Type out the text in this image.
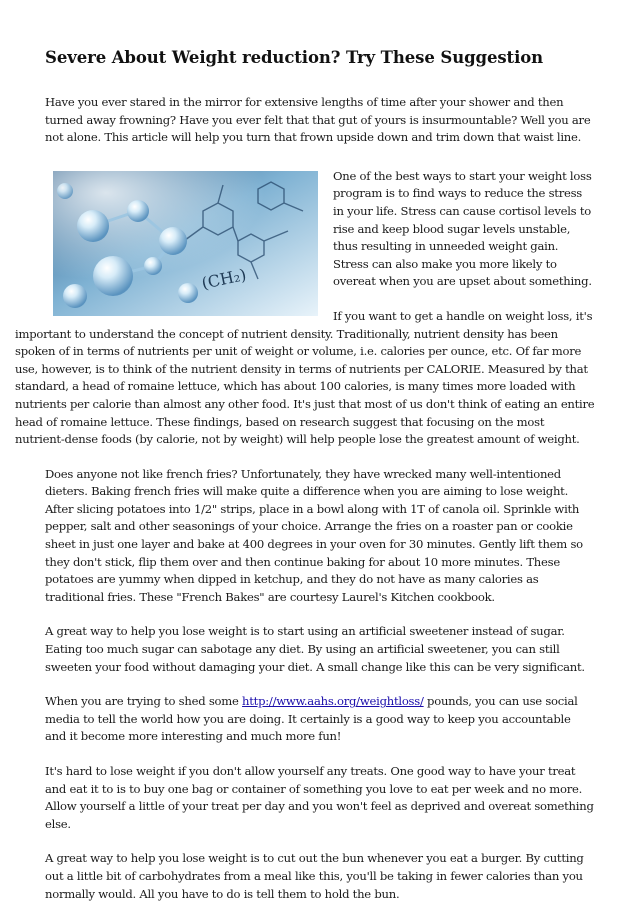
Severe About Weight reduction? Try These Suggestion

Have you ever stared in the mirror for extensive lengths of time after your shower and then turned away frowning? Have you ever felt that that gut of yours is insurmountable? Well you are not alone. This article will help you turn that frown upside down and trim down that waist line.

(CH₂)

One of the best ways to start your weight loss program is to find ways to reduce the stress in your life. Stress can cause cortisol levels to rise and keep blood sugar levels unstable, thus resulting in unneeded weight gain. Stress can also make you more likely to overeat when you are upset about something.

If you want to get a handle on weight loss, it's important to understand the concept of nutrient density. Traditionally, nutrient density has been spoken of in terms of nutrients per unit of weight or volume, i.e. calories per ounce, etc. Of far more use, however, is to think of the nutrient density in terms of nutrients per CALORIE. Measured by that standard, a head of romaine lettuce, which has about 100 calories, is many times more loaded with nutrients per calorie than almost any other food. It's just that most of us don't think of eating an entire head of romaine lettuce. These findings, based on research suggest that focusing on the most nutrient-dense foods (by calorie, not by weight) will help people lose the greatest amount of weight.

Does anyone not like french fries? Unfortunately, they have wrecked many well-intentioned dieters. Baking french fries will make quite a difference when you are aiming to lose weight. After slicing potatoes into 1/2" strips, place in a bowl along with 1T of canola oil. Sprinkle with pepper, salt and other seasonings of your choice. Arrange the fries on a roaster pan or cookie sheet in just one layer and bake at 400 degrees in your oven for 30 minutes. Gently lift them so they don't stick, flip them over and then continue baking for about 10 more minutes. These potatoes are yummy when dipped in ketchup, and they do not have as many calories as traditional fries. These "French Bakes" are courtesy Laurel's Kitchen cookbook.

A great way to help you lose weight is to start using an artificial sweetener instead of sugar. Eating too much sugar can sabotage any diet. By using an artificial sweetener, you can still sweeten your food without damaging your diet. A small change like this can be very significant.

When you are trying to shed some http://www.aahs.org/weightloss/ pounds, you can use social media to tell the world how you are doing. It certainly is a good way to keep you accountable and it become more interesting and much more fun!

It's hard to lose weight if you don't allow yourself any treats. One good way to have your treat and eat it to is to buy one bag or container of something you love to eat per week and no more. Allow yourself a little of your treat per day and you won't feel as deprived and overeat something else.

A great way to help you lose weight is to cut out the bun whenever you eat a burger. By cutting out a little bit of carbohydrates from a meal like this, you'll be taking in fewer calories than you normally would. All you have to do is tell them to hold the bun.
